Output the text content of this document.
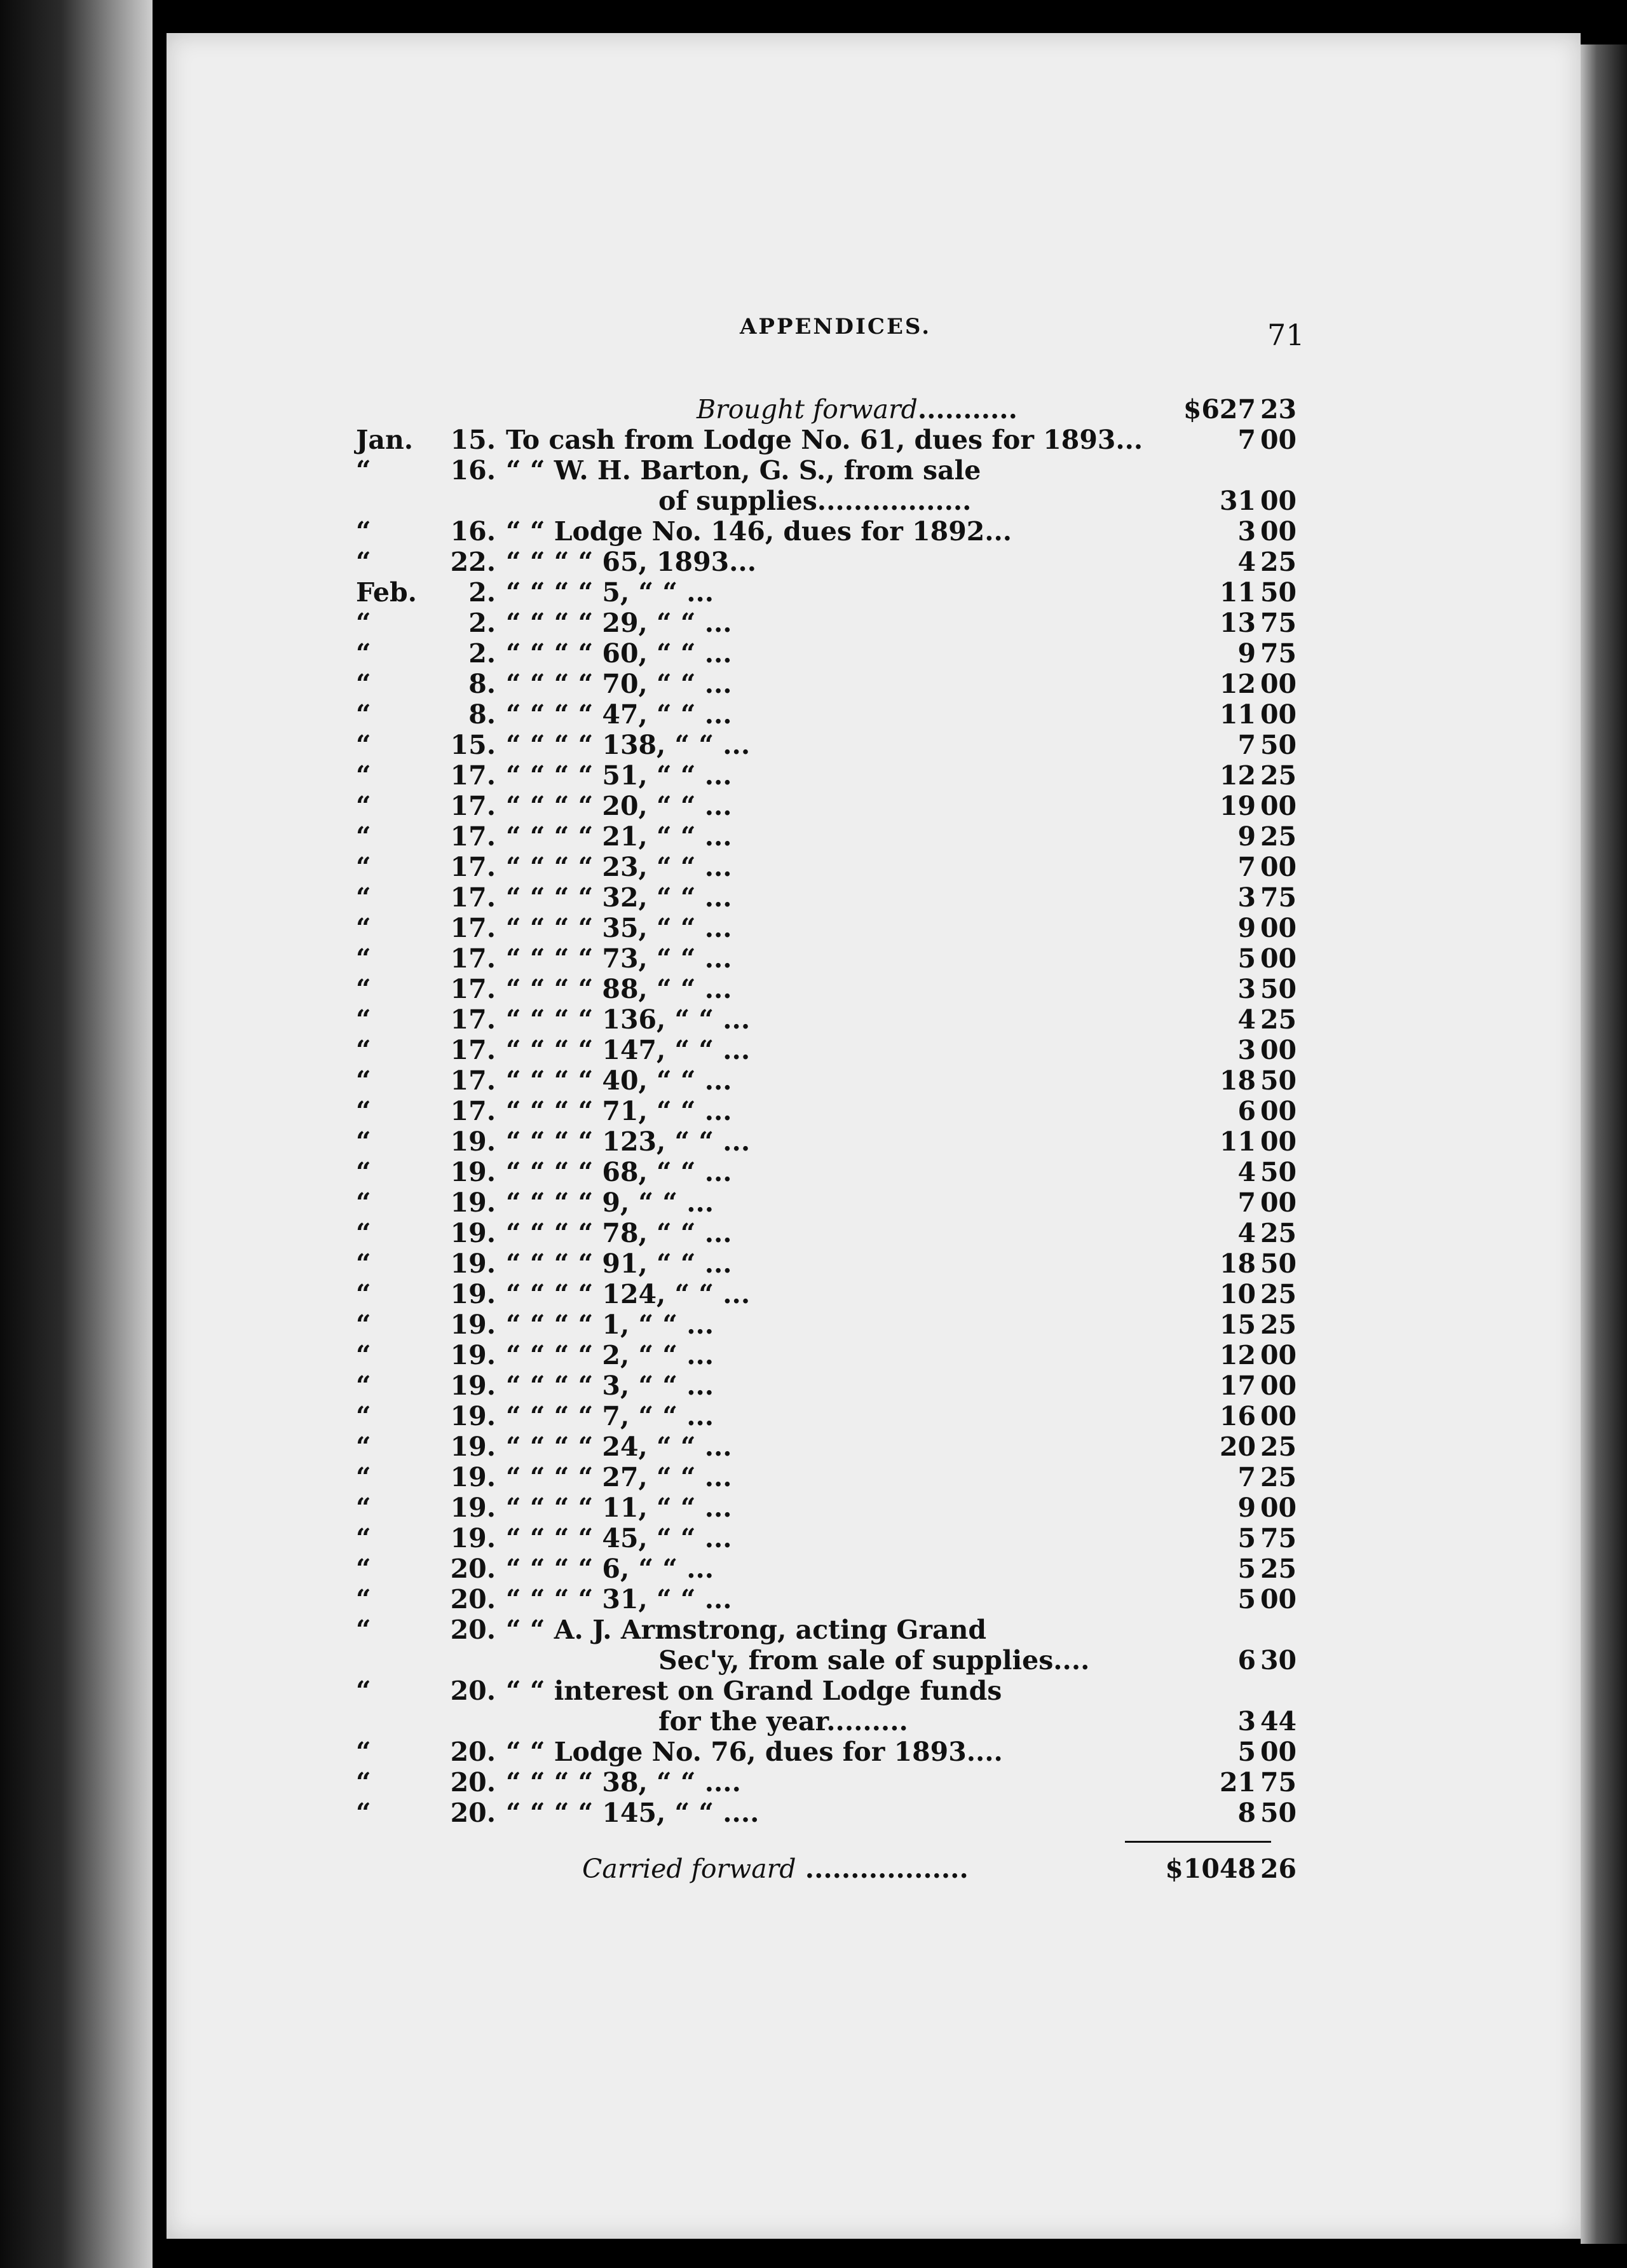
APPENDICES.	71
Brought forward...........	$627 23
Jan.	15. To cash from Lodge No. 61, dues for 1893...	7 00
“	16. “ “ W. H. Barton, G. S., from sale
of supplies.................	31 00
“	16. “ “ Lodge No. 146, dues for 1892...	3 00
“	22. “ “ “ “ 65, 1893...	4 25
Feb.	2. “ “ “ “ 5, “ “ ...	11 50
“	2. “ “ “ “ 29, “ “ ...	13 75
“	2. “ “ “ “ 60, “ “ ...	9 75
“	8. “ “ “ “ 70, “ “ ...	12 00
“	8. “ “ “ “ 47, “ “ ...	11 00
“	15. “ “ “ “ 138, “ “ ...	7 50
“	17. “ “ “ “ 51, “ “ ...	12 25
“	17. “ “ “ “ 20, “ “ ...	19 00
“	17. “ “ “ “ 21, “ “ ...	9 25
“	17. “ “ “ “ 23, “ “ ...	7 00
“	17. “ “ “ “ 32, “ “ ...	3 75
“	17. “ “ “ “ 35, “ “ ...	9 00
“	17. “ “ “ “ 73, “ “ ...	5 00
“	17. “ “ “ “ 88, “ “ ...	3 50
“	17. “ “ “ “ 136, “ “ ...	4 25
“	17. “ “ “ “ 147, “ “ ...	3 00
“	17. “ “ “ “ 40, “ “ ...	18 50
“	17. “ “ “ “ 71, “ “ ...	6 00
“	19. “ “ “ “ 123, “ “ ...	11 00
“	19. “ “ “ “ 68, “ “ ...	4 50
“	19. “ “ “ “ 9, “ “ ...	7 00
“	19. “ “ “ “ 78, “ “ ...	4 25
“	19. “ “ “ “ 91, “ “ ...	18 50
“	19. “ “ “ “ 124, “ “ ...	10 25
“	19. “ “ “ “ 1, “ “ ...	15 25
“	19. “ “ “ “ 2, “ “ ...	12 00
“	19. “ “ “ “ 3, “ “ ...	17 00
“	19. “ “ “ “ 7, “ “ ...	16 00
“	19. “ “ “ “ 24, “ “ ...	20 25
“	19. “ “ “ “ 27, “ “ ...	7 25
“	19. “ “ “ “ 11, “ “ ...	9 00
“	19. “ “ “ “ 45, “ “ ...	5 75
“	20. “ “ “ “ 6, “ “ ...	5 25
“	20. “ “ “ “ 31, “ “ ...	5 00
“	20. “ “ A. J. Armstrong, acting Grand
Sec'y, from sale of supplies....	6 30
“	20. “ “ interest on Grand Lodge funds
for the year.........	3 44
“	20. “ “ Lodge No. 76, dues for 1893....	5 00
“	20. “ “ “ “ 38, “ “ ....	21 75
“	20. “ “ “ “ 145, “ “ ....	8 50
Carried forward ..................	$1048 26
